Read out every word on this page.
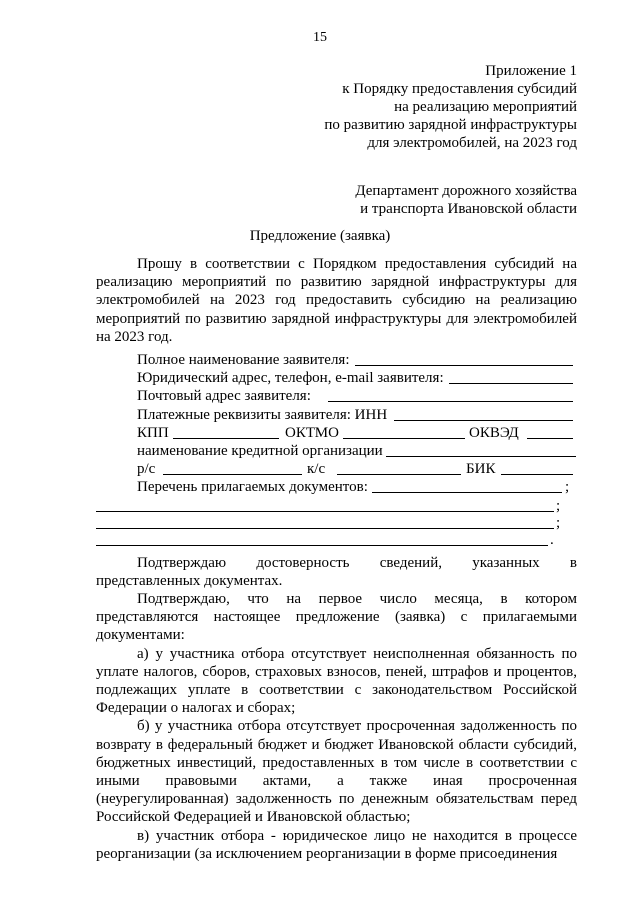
15
Приложение 1
к Порядку предоставления субсидий
на реализацию мероприятий
по развитию зарядной инфраструктуры
для электромобилей, на 2023 год
Департамент дорожного хозяйства
и транспорта Ивановской области
Предложение (заявка)

Прошу в соответствии с Порядком предоставления субсидий на реализацию мероприятий по развитию зарядной инфраструктуры для электромобилей на 2023 год предоставить субсидию на реализацию мероприятий по развитию зарядной инфраструктуры для электромобилей на 2023 год.

Полное наименование заявителя:
Юридический адрес, телефон, e-mail заявителя:
Почтовый адрес заявителя:
Платежные реквизиты заявителя: ИНН
КПП	ОКТМО	ОКВЭД
наименование кредитной организации
р/с	к/с	БИК
Перечень прилагаемых документов:	;
;
;
.

Подтверждаю достоверность сведений, указанных в представленных документах.

Подтверждаю, что на первое число месяца, в котором представляются настоящее предложение (заявка) с прилагаемыми документами:

а) у участника отбора отсутствует неисполненная обязанность по уплате налогов, сборов, страховых взносов, пеней, штрафов и процентов, подлежащих уплате в соответствии с законодательством Российской Федерации о налогах и сборах;

б) у участника отбора отсутствует просроченная задолженность по возврату в федеральный бюджет и бюджет Ивановской области субсидий, бюджетных инвестиций, предоставленных в том числе в соответствии с иными правовыми актами, а также иная просроченная (неурегулированная) задолженность по денежным обязательствам перед Российской Федерацией и Ивановской областью;

в) участник отбора - юридическое лицо не находится в процессе реорганизации (за исключением реорганизации в форме присоединения
